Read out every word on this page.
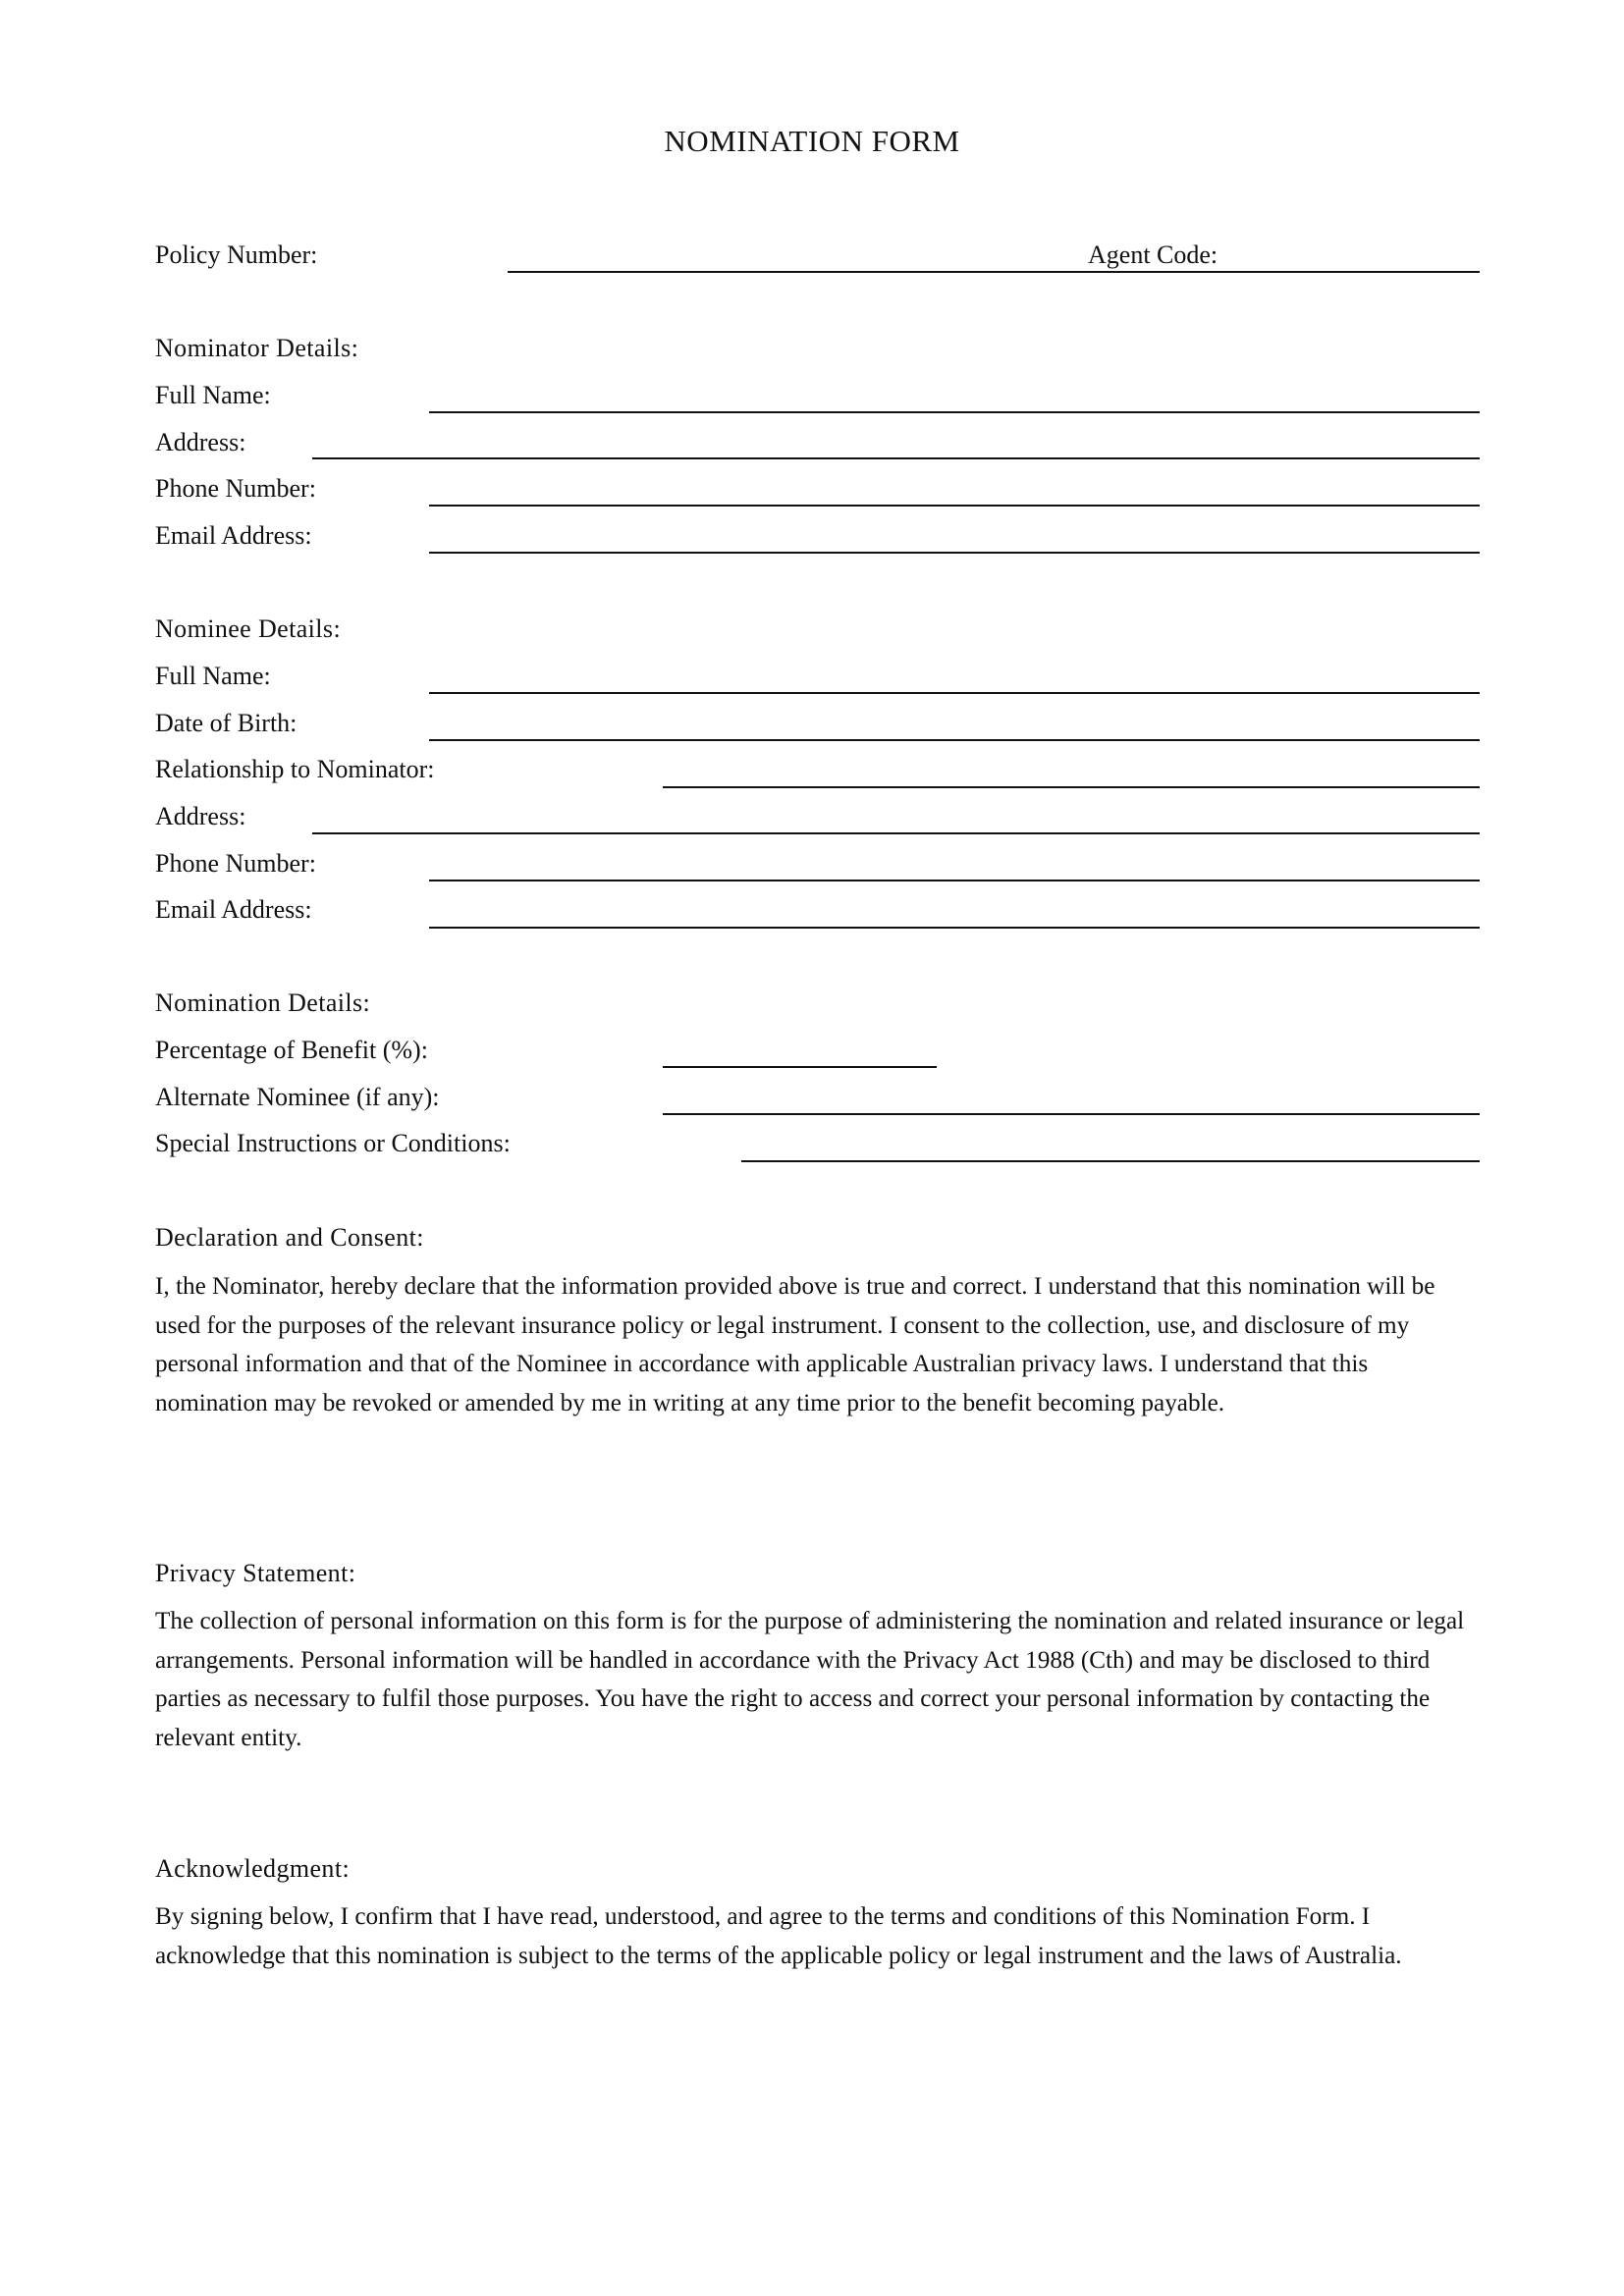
NOMINATION FORM
Policy Number:	Agent Code:
Nominator Details:
Full Name:
Address:
Phone Number:
Email Address:
Nominee Details:
Full Name:
Date of Birth:
Relationship to Nominator:
Address:
Phone Number:
Email Address:
Nomination Details:
Percentage of Benefit (%):
Alternate Nominee (if any):
Special Instructions or Conditions:
Declaration and Consent:

I, the Nominator, hereby declare that the information provided above is true and correct. I understand that this nomination will be used for the purposes of the relevant insurance policy or legal instrument. I consent to the collection, use, and disclosure of my personal information and that of the Nominee in accordance with applicable Australian privacy laws. I understand that this nomination may be revoked or amended by me in writing at any time prior to the benefit becoming payable.

Privacy Statement:

The collection of personal information on this form is for the purpose of administering the nomination and related insurance or legal arrangements. Personal information will be handled in accordance with the Privacy Act 1988 (Cth) and may be disclosed to third parties as necessary to fulfil those purposes. You have the right to access and correct your personal information by contacting the relevant entity.

Acknowledgment:

By signing below, I confirm that I have read, understood, and agree to the terms and conditions of this Nomination Form. I acknowledge that this nomination is subject to the terms of the applicable policy or legal instrument and the laws of Australia.
